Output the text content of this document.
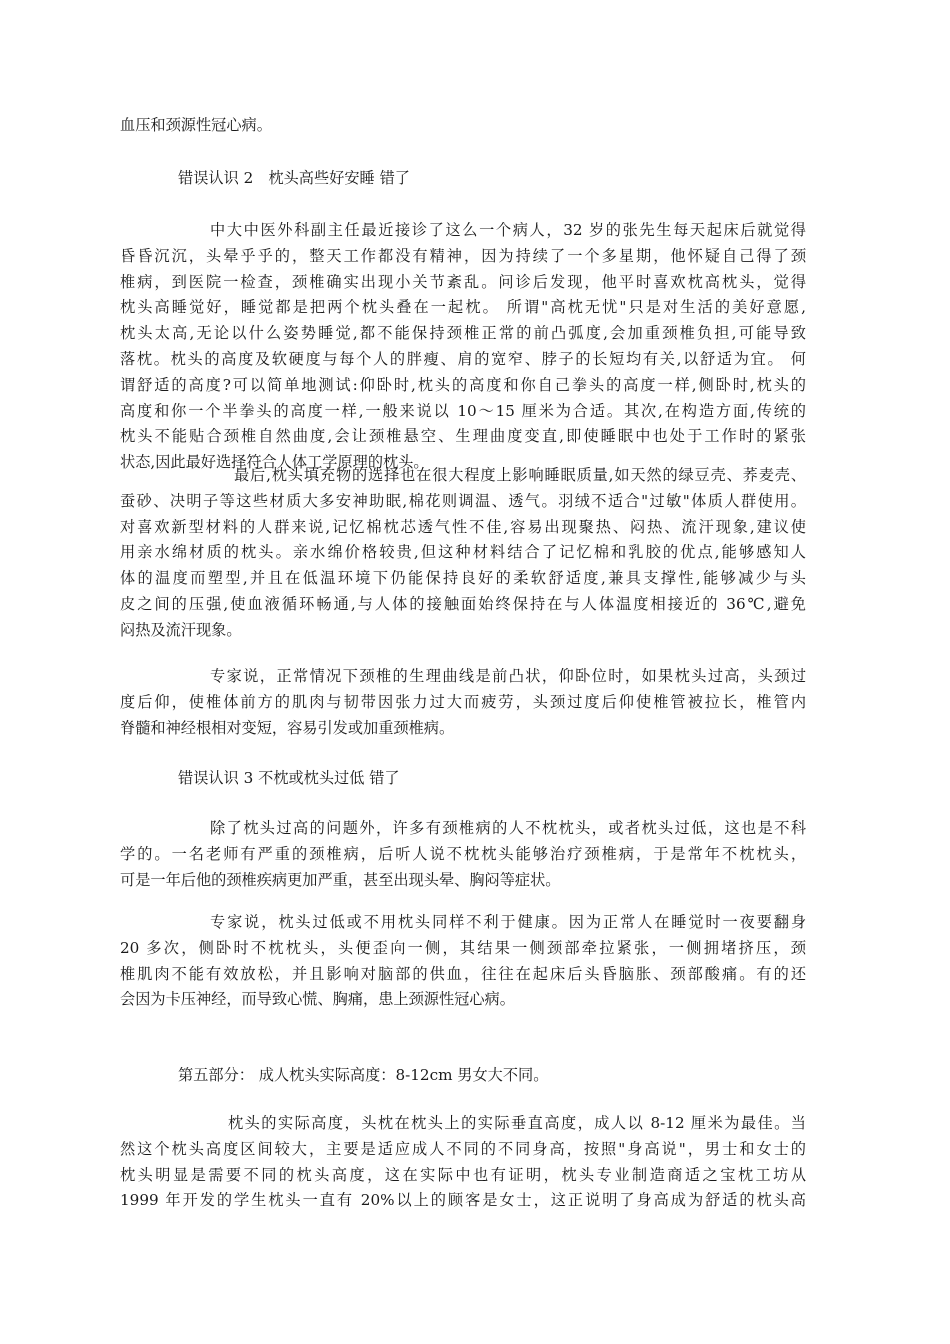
血压和颈源性冠心病。

错误认识 2　枕头高些好安睡 错了

中大中医外科副主任最近接诊了这么一个病人，32 岁的张先生每天起床后就觉得
昏昏沉沉，头晕乎乎的，整天工作都没有精神，因为持续了一个多星期，他怀疑自己得了颈
椎病，到医院一检查，颈椎确实出现小关节紊乱。问诊后发现，他平时喜欢枕高枕头，觉得
枕头高睡觉好，睡觉都是把两个枕头叠在一起枕。 所谓"高枕无忧"只是对生活的美好意愿,
枕头太高,无论以什么姿势睡觉,都不能保持颈椎正常的前凸弧度,会加重颈椎负担,可能导致
落枕。枕头的高度及软硬度与每个人的胖瘦、肩的宽窄、脖子的长短均有关,以舒适为宜。 何
谓舒适的高度?可以简单地测试:仰卧时,枕头的高度和你自己拳头的高度一样,侧卧时,枕头的
高度和你一个半拳头的高度一样,一般来说以 10～15 厘米为合适。其次,在构造方面,传统的
枕头不能贴合颈椎自然曲度,会让颈椎悬空、生理曲度变直,即使睡眠中也处于工作时的紧张
状态,因此最好选择符合人体工学原理的枕头。
最后,枕头填充物的选择也在很大程度上影响睡眠质量,如天然的绿豆壳、荞麦壳、
蚕砂、决明子等这些材质大多安神助眠,棉花则调温、透气。羽绒不适合"过敏"体质人群使用。
对喜欢新型材料的人群来说,记忆棉枕芯透气性不佳,容易出现聚热、闷热、流汗现象,建议使
用亲水绵材质的枕头。亲水绵价格较贵,但这种材料结合了记忆棉和乳胶的优点,能够感知人
体的温度而塑型,并且在低温环境下仍能保持良好的柔软舒适度,兼具支撑性,能够减少与头
皮之间的压强,使血液循环畅通,与人体的接触面始终保持在与人体温度相接近的 36℃,避免
闷热及流汗现象。
专家说，正常情况下颈椎的生理曲线是前凸状，仰卧位时，如果枕头过高，头颈过
度后仰，使椎体前方的肌肉与韧带因张力过大而疲劳，头颈过度后仰使椎管被拉长，椎管内
脊髓和神经根相对变短，容易引发或加重颈椎病。

错误认识 3 不枕或枕头过低 错了

除了枕头过高的问题外，许多有颈椎病的人不枕枕头，或者枕头过低，这也是不科
学的。一名老师有严重的颈椎病，后听人说不枕枕头能够治疗颈椎病，于是常年不枕枕头，
可是一年后他的颈椎疾病更加严重，甚至出现头晕、胸闷等症状。
专家说，枕头过低或不用枕头同样不利于健康。因为正常人在睡觉时一夜要翻身
20 多次，侧卧时不枕枕头，头便歪向一侧，其结果一侧颈部牵拉紧张，一侧拥堵挤压，颈
椎肌肉不能有效放松，并且影响对脑部的供血，往往在起床后头昏脑胀、颈部酸痛。有的还
会因为卡压神经，而导致心慌、胸痛，患上颈源性冠心病。

第五部分： 成人枕头实际高度：8-12cm 男女大不同。

枕头的实际高度，头枕在枕头上的实际垂直高度，成人以 8-12 厘米为最佳。当
然这个枕头高度区间较大，主要是适应成人不同的不同身高，按照"身高说"，男士和女士的
枕头明显是需要不同的枕头高度，这在实际中也有证明，枕头专业制造商适之宝枕工坊从
1999 年开发的学生枕头一直有 20%以上的顾客是女士，这正说明了身高成为舒适的枕头高
